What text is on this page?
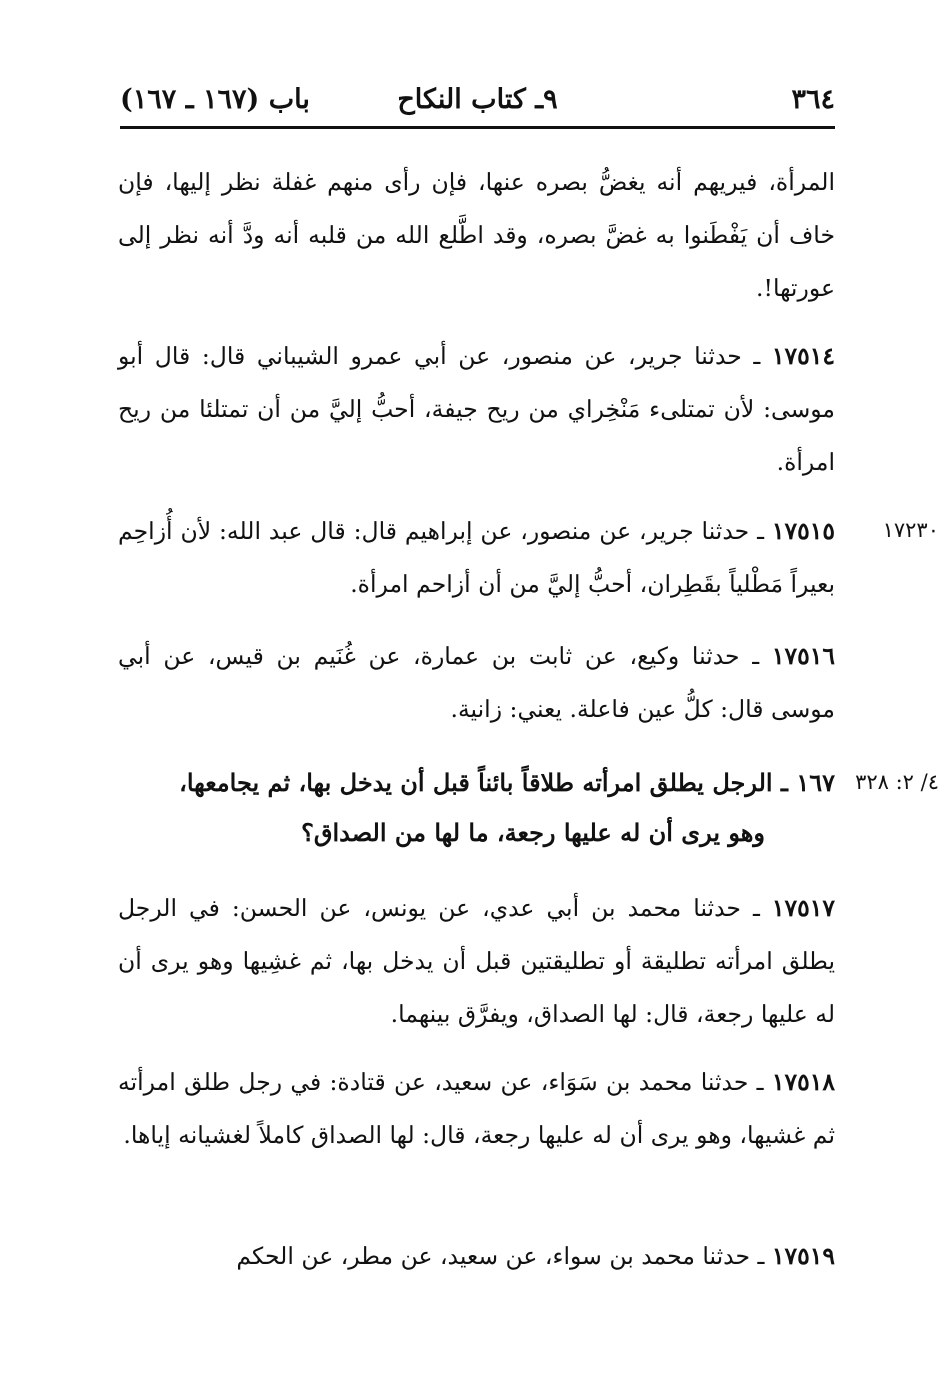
٣٦٤
٩ـ كتاب النكاح
باب (١٦٧ ـ ١٦٧)
المرأة، فيريهم أنه يغضُّ بصره عنها، فإن رأى منهم غفلة نظر إليها، فإن خاف أن يَفْطَنوا به غضَّ بصره، وقد اطَّلع الله من قلبه أنه ودَّ أنه نظر إلى عورتها!.
١٧٥١٤ ـ حدثنا جرير، عن منصور، عن أبي عمرو الشيباني قال: قال أبو موسى: لأن تمتلىء مَنْخِراي من ريح جيفة، أحبُّ إليَّ من أن تمتلئا من ريح امرأة.
١٧٢٣٠
١٧٥١٥ ـ حدثنا جرير، عن منصور، عن إبراهيم قال: قال عبد الله: لأن أُزاحِم بعيراً مَطْلياً بقَطِران، أحبُّ إليَّ من أن أزاحم امرأة.
١٧٥١٦ ـ حدثنا وكيع، عن ثابت بن عمارة، عن غُنَيم بن قيس، عن أبي موسى قال: كلُّ عين فاعلة. يعني: زانية.
٤/ ٢: ٣٢٨
١٦٧ ـ الرجل يطلق امرأته طلاقاً بائناً قبل أن يدخل بها، ثم يجامعها،
وهو يرى أن له عليها رجعة، ما لها من الصداق؟
١٧٥١٧ ـ حدثنا محمد بن أبي عدي، عن يونس، عن الحسن: في الرجل يطلق امرأته تطليقة أو تطليقتين قبل أن يدخل بها، ثم غشِيها وهو يرى أن له عليها رجعة، قال: لها الصداق، ويفرَّق بينهما.
١٧٥١٨ ـ حدثنا محمد بن سَوَاء، عن سعيد، عن قتادة: في رجل طلق امرأته ثم غشيها، وهو يرى أن له عليها رجعة، قال: لها الصداق كاملاً لغشيانه إياها.
١٧٥١٩ ـ حدثنا محمد بن سواء، عن سعيد، عن مطر، عن الحكم
